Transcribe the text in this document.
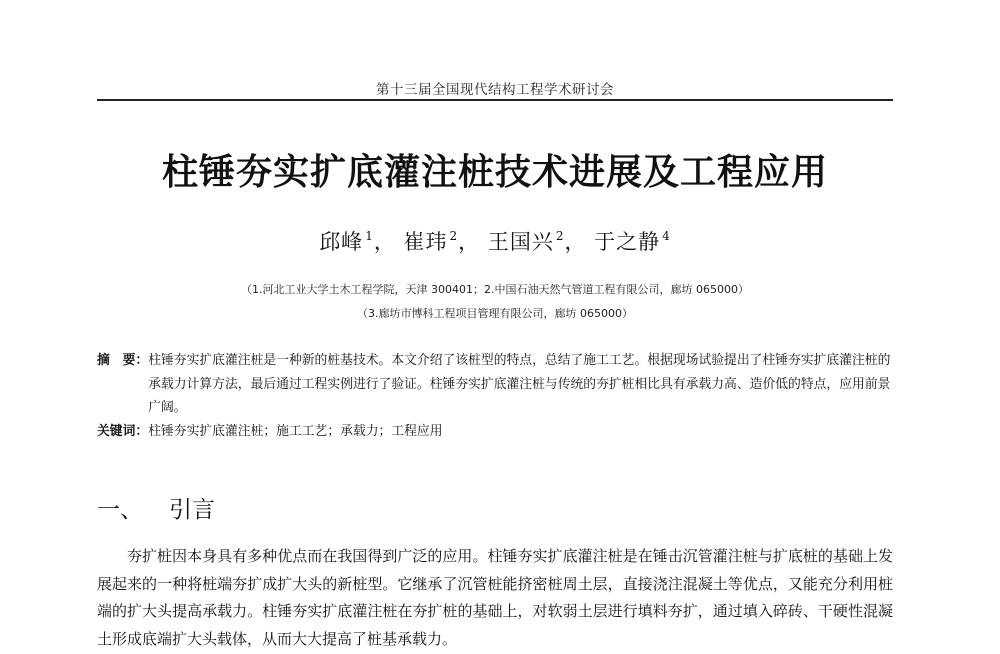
第十三届全国现代结构工程学术研讨会
柱锤夯实扩底灌注桩技术进展及工程应用
邱峰 $^1$， 崔玮 $^2$， 王国兴 $^2$， 于之静 $^4$
（1.河北工业大学土木工程学院，天津 300401；2.中国石油天然气管道工程有限公司，廊坊 065000）
（3.廊坊市博科工程项目管理有限公司，廊坊 065000）
摘　要： 柱锤夯实扩底灌注桩是一种新的桩基技术。本文介绍了该桩型的特点，总结了施工工艺。根据现场试验提出了柱锤夯实扩底灌注桩的承载力计算方法，最后通过工程实例进行了验证。柱锤夯实扩底灌注桩与传统的夯扩桩相比具有承载力高、造价低的特点，应用前景广阔。
关键词： 柱锤夯实扩底灌注桩；施工工艺；承载力；工程应用
一、 引言

夯扩桩因本身具有多种优点而在我国得到广泛的应用。柱锤夯实扩底灌注桩是在锤击沉管灌注桩与扩底桩的基础上发展起来的一种将桩端夯扩成扩大头的新桩型。它继承了沉管桩能挤密桩周土层，直接浇注混凝土等优点，又能充分利用桩端的扩大头提高承载力。柱锤夯实扩底灌注桩在夯扩桩的基础上，对软弱土层进行填料夯扩，通过填入碎砖、干硬性混凝土形成底端扩大头载体，从而大大提高了桩基承载力。
